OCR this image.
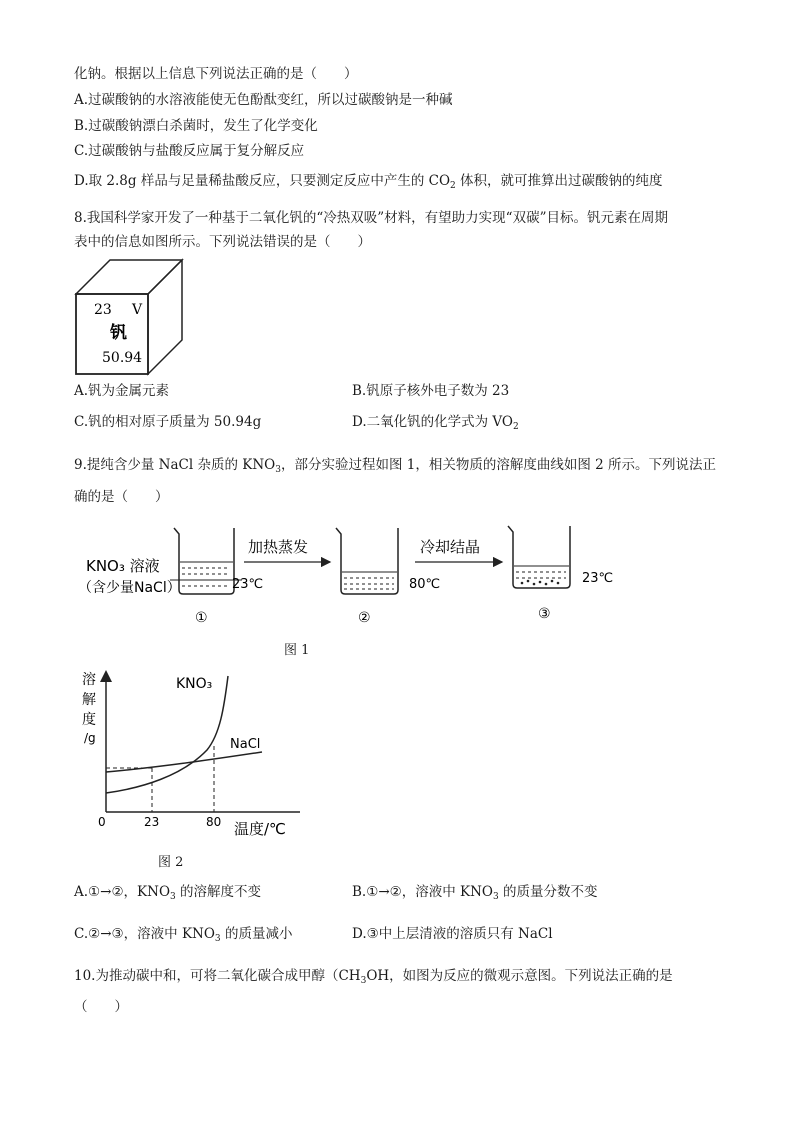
化钠。根据以上信息下列说法正确的是（　　）
A.过碳酸钠的水溶液能使无色酚酞变红，所以过碳酸钠是一种碱
B.过碳酸钠漂白杀菌时，发生了化学变化
C.过碳酸钠与盐酸反应属于复分解反应
D.取 2.8g 样品与足量稀盐酸反应，只要测定反应中产生的 $CO_2$ 体积，就可推算出过碳酸钠的纯度
8.我国科学家开发了一种基于二氧化钒的“冷热双吸”材料，有望助力实现“双碳”目标。钒元素在周期
表中的信息如图所示。下列说法错误的是（　　）
23 V
钒
50.94
A.钒为金属元素	B.钒原子核外电子数为 23
C.钒的相对原子质量为 50.94g	D.二氧化钒的化学式为 $VO_2$
9.提纯含少量 NaCl 杂质的 $KNO_3$，部分实验过程如图 1，相关物质的溶解度曲线如图 2 所示。下列说法正
确的是（　　）
KNO₃ 溶液
（含少量NaCl）	23℃
①
加热蒸发
80℃
②
冷却结晶
23℃
③
图 1
溶
解
度
/g
KNO₃
NaCl
0	23	80 温度/℃
图 2
A.①→②，$KNO_3$ 的溶解度不变	B.①→②，溶液中 $KNO_3$ 的质量分数不变
C.②→③，溶液中 $KNO_3$ 的质量减小	D.③中上层清液的溶质只有 NaCl
10.为推动碳中和，可将二氧化碳合成甲醇（$CH_3OH$，如图为反应的微观示意图。下列说法正确的是
（　　）
